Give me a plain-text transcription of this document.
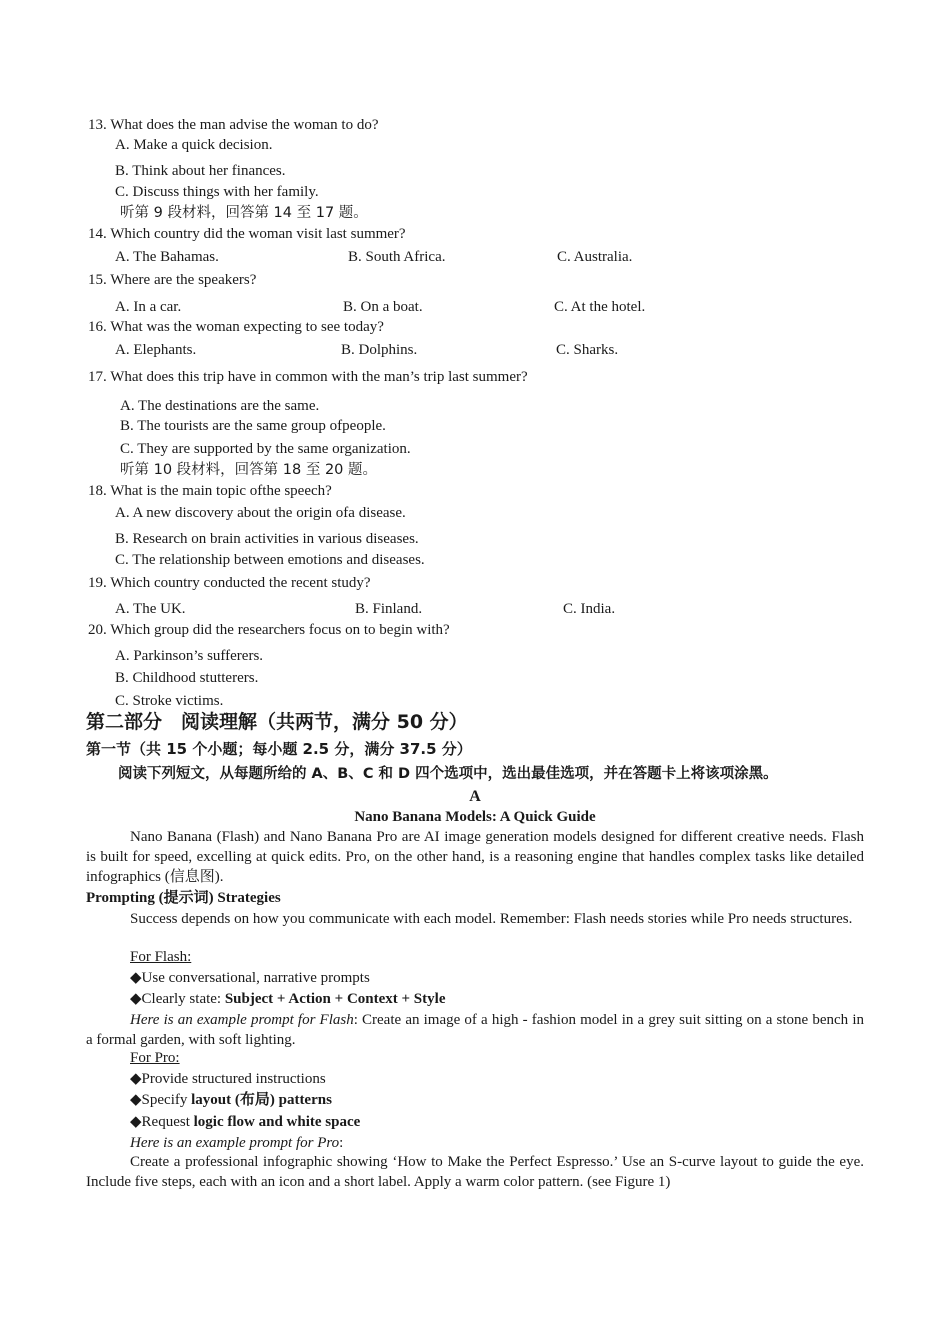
13. What does the man advise the woman to do?
A. Make a quick decision.
B. Think about her finances.
C. Discuss things with her family.
听第 9 段材料，回答第 14 至 17 题。
14. Which country did the woman visit last summer?
A. The Bahamas.	B. South Africa.	C. Australia.
15. Where are the speakers?
A. In a car.	B. On a boat.	C. At the hotel.
16. What was the woman expecting to see today?
A. Elephants.	B. Dolphins.	C. Sharks.
17. What does this trip have in common with the man’s trip last summer?
A. The destinations are the same.
B. The tourists are the same group ofpeople.
C. They are supported by the same organization.
听第 10 段材料，回答第 18 至 20 题。
18. What is the main topic ofthe speech?
A. A new discovery about the origin ofa disease.
B. Research on brain activities in various diseases.
C. The relationship between emotions and diseases.
19. Which country conducted the recent study?
A. The UK.	B. Finland.	C. India.
20. Which group did the researchers focus on to begin with?
A. Parkinson’s sufferers.
B. Childhood stutterers.
C. Stroke victims.
第二部分　阅读理解（共两节，满分 50 分）
第一节（共 15 个小题；每小题 2.5 分，满分 37.5 分）
阅读下列短文，从每题所给的 A、B、C 和 D 四个选项中，选出最佳选项，并在答题卡上将该项涂黑。
A
Nano Banana Models: A Quick Guide
Nano Banana (Flash) and Nano Banana Pro are AI image generation models designed for different creative needs. Flash is built for speed, excelling at quick edits. Pro, on the other hand, is a reasoning engine that handles complex tasks like detailed infographics (信息图).
Prompting (提示词) Strategies
Success depends on how you communicate with each model. Remember: Flash needs stories while Pro needs structures.
For Flash:
◆Use conversational, narrative prompts
◆Clearly state: Subject + Action + Context + Style
Here is an example prompt for Flash: Create an image of a high - fashion model in a grey suit sitting on a stone bench in a formal garden, with soft lighting.
For Pro:
◆Provide structured instructions
◆Specify layout (布局) patterns
◆Request logic flow and white space
Here is an example prompt for Pro:
Create a professional infographic showing ‘How to Make the Perfect Espresso.’ Use an S-curve layout to guide the eye. Include five steps, each with an icon and a short label. Apply a warm color pattern. (see Figure 1)
